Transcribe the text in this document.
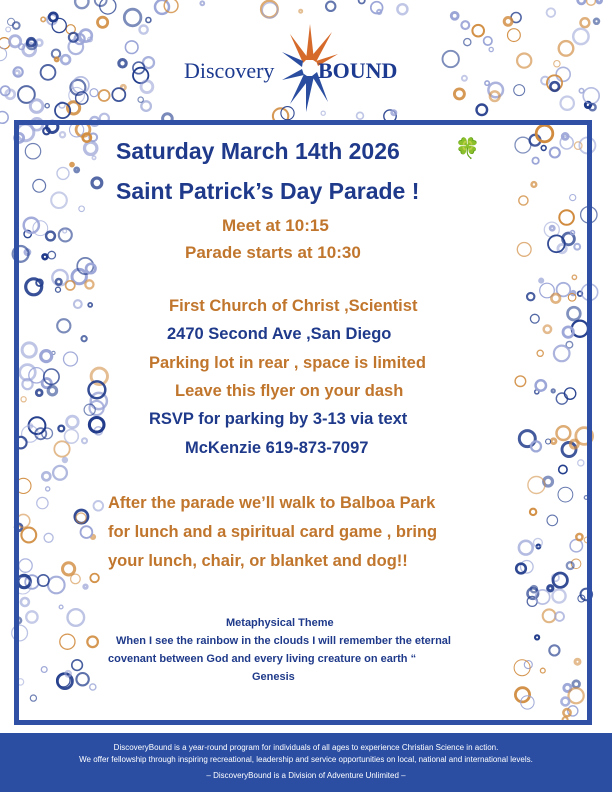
Discovery BOUND
Saturday March 14th 2026	🍀
Saint Patrick’s Day Parade !
Meet at 10:15
Parade starts at 10:30
First Church of Christ ,Scientist
2470 Second Ave ,San Diego
Parking lot in rear , space is limited
Leave this flyer on your dash
RSVP for parking by 3-13 via text
McKenzie 619-873-7097
After the parade we’ll walk to Balboa Park
for lunch and a spiritual card game , bring
your lunch, chair, or blanket and dog!!
Metaphysical Theme
When I see the rainbow in the clouds I will remember the eternal
covenant between God and every living creature on earth “
Genesis
DiscoveryBound is a year-round program for individuals of all ages to experience Christian Science in action.
We offer fellowship through inspiring recreational, leadership and service opportunities on local, national and international levels.
– DiscoveryBound is a Division of Adventure Unlimited –
